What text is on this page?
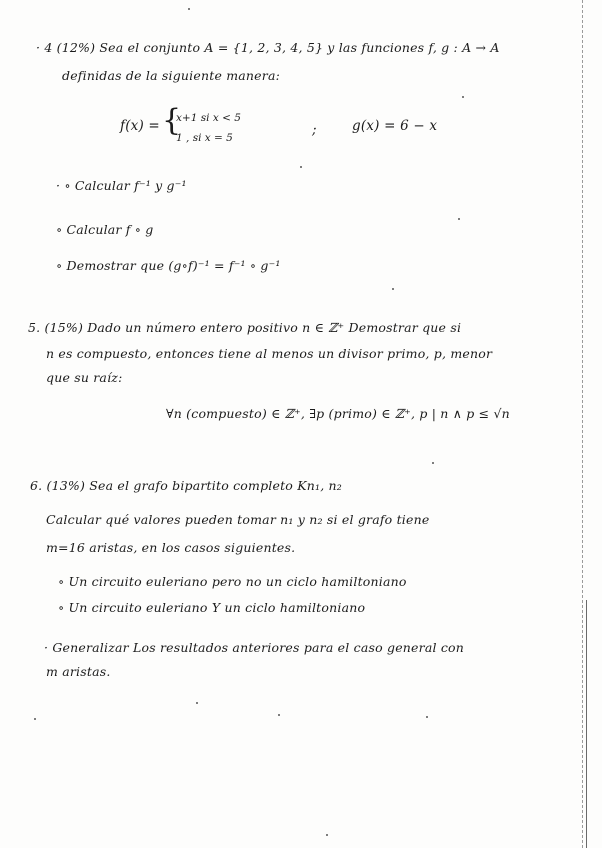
· 4 (12%) Sea el conjunto A = {1, 2, 3, 4, 5} y las funciones f, g : A → A
definidas de la siguiente manera:
f(x) = {
x+1 si x < 5
1 , si x = 5	;	g(x) = 6 − x
· ∘ Calcular f⁻¹ y g⁻¹
∘ Calcular f ∘ g
∘ Demostrar que (g∘f)⁻¹ = f⁻¹ ∘ g⁻¹
5. (15%) Dado un número entero positivo n ∈ ℤ⁺ Demostrar que si
n es compuesto, entonces tiene al menos un divisor primo, p, menor
que su raíz:
∀n (compuesto) ∈ ℤ⁺, ∃p (primo) ∈ ℤ⁺, p | n ∧ p ≤ √n
6. (13%) Sea el grafo bipartito completo Kn₁, n₂
Calcular qué valores pueden tomar n₁ y n₂ si el grafo tiene
m=16 aristas, en los casos siguientes.
∘ Un circuito euleriano pero no un ciclo hamiltoniano
∘ Un circuito euleriano Y un ciclo hamiltoniano
· Generalizar Los resultados anteriores para el caso general con
m aristas.
